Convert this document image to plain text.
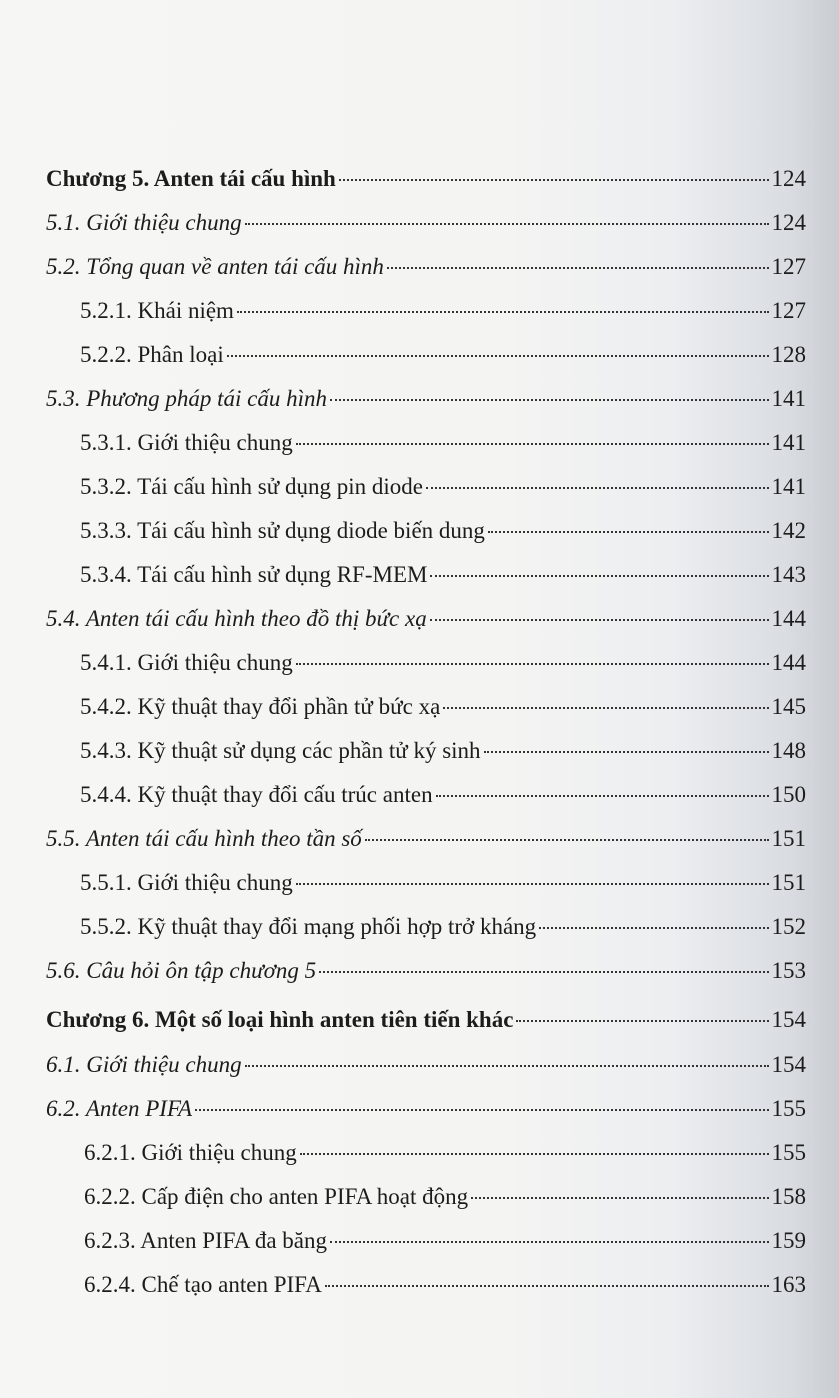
Chương 5. Anten tái cấu hình	124
5.1. Giới thiệu chung	124
5.2. Tổng quan về anten tái cấu hình	127
5.2.1. Khái niệm	127
5.2.2. Phân loại	128
5.3. Phương pháp tái cấu hình	141
5.3.1. Giới thiệu chung	141
5.3.2. Tái cấu hình sử dụng pin diode	141
5.3.3. Tái cấu hình sử dụng diode biến dung	142
5.3.4. Tái cấu hình sử dụng RF-MEM	143
5.4. Anten tái cấu hình theo đồ thị bức xạ	144
5.4.1. Giới thiệu chung	144
5.4.2. Kỹ thuật thay đổi phần tử bức xạ	145
5.4.3. Kỹ thuật sử dụng các phần tử ký sinh	148
5.4.4. Kỹ thuật thay đổi cấu trúc anten	150
5.5. Anten tái cấu hình theo tần số	151
5.5.1. Giới thiệu chung	151
5.5.2. Kỹ thuật thay đổi mạng phối hợp trở kháng	152
5.6. Câu hỏi ôn tập chương 5	153
Chương 6. Một số loại hình anten tiên tiến khác	154
6.1. Giới thiệu chung	154
6.2. Anten PIFA	155
6.2.1. Giới thiệu chung	155
6.2.2. Cấp điện cho anten PIFA hoạt động	158
6.2.3. Anten PIFA đa băng	159
6.2.4. Chế tạo anten PIFA	163
